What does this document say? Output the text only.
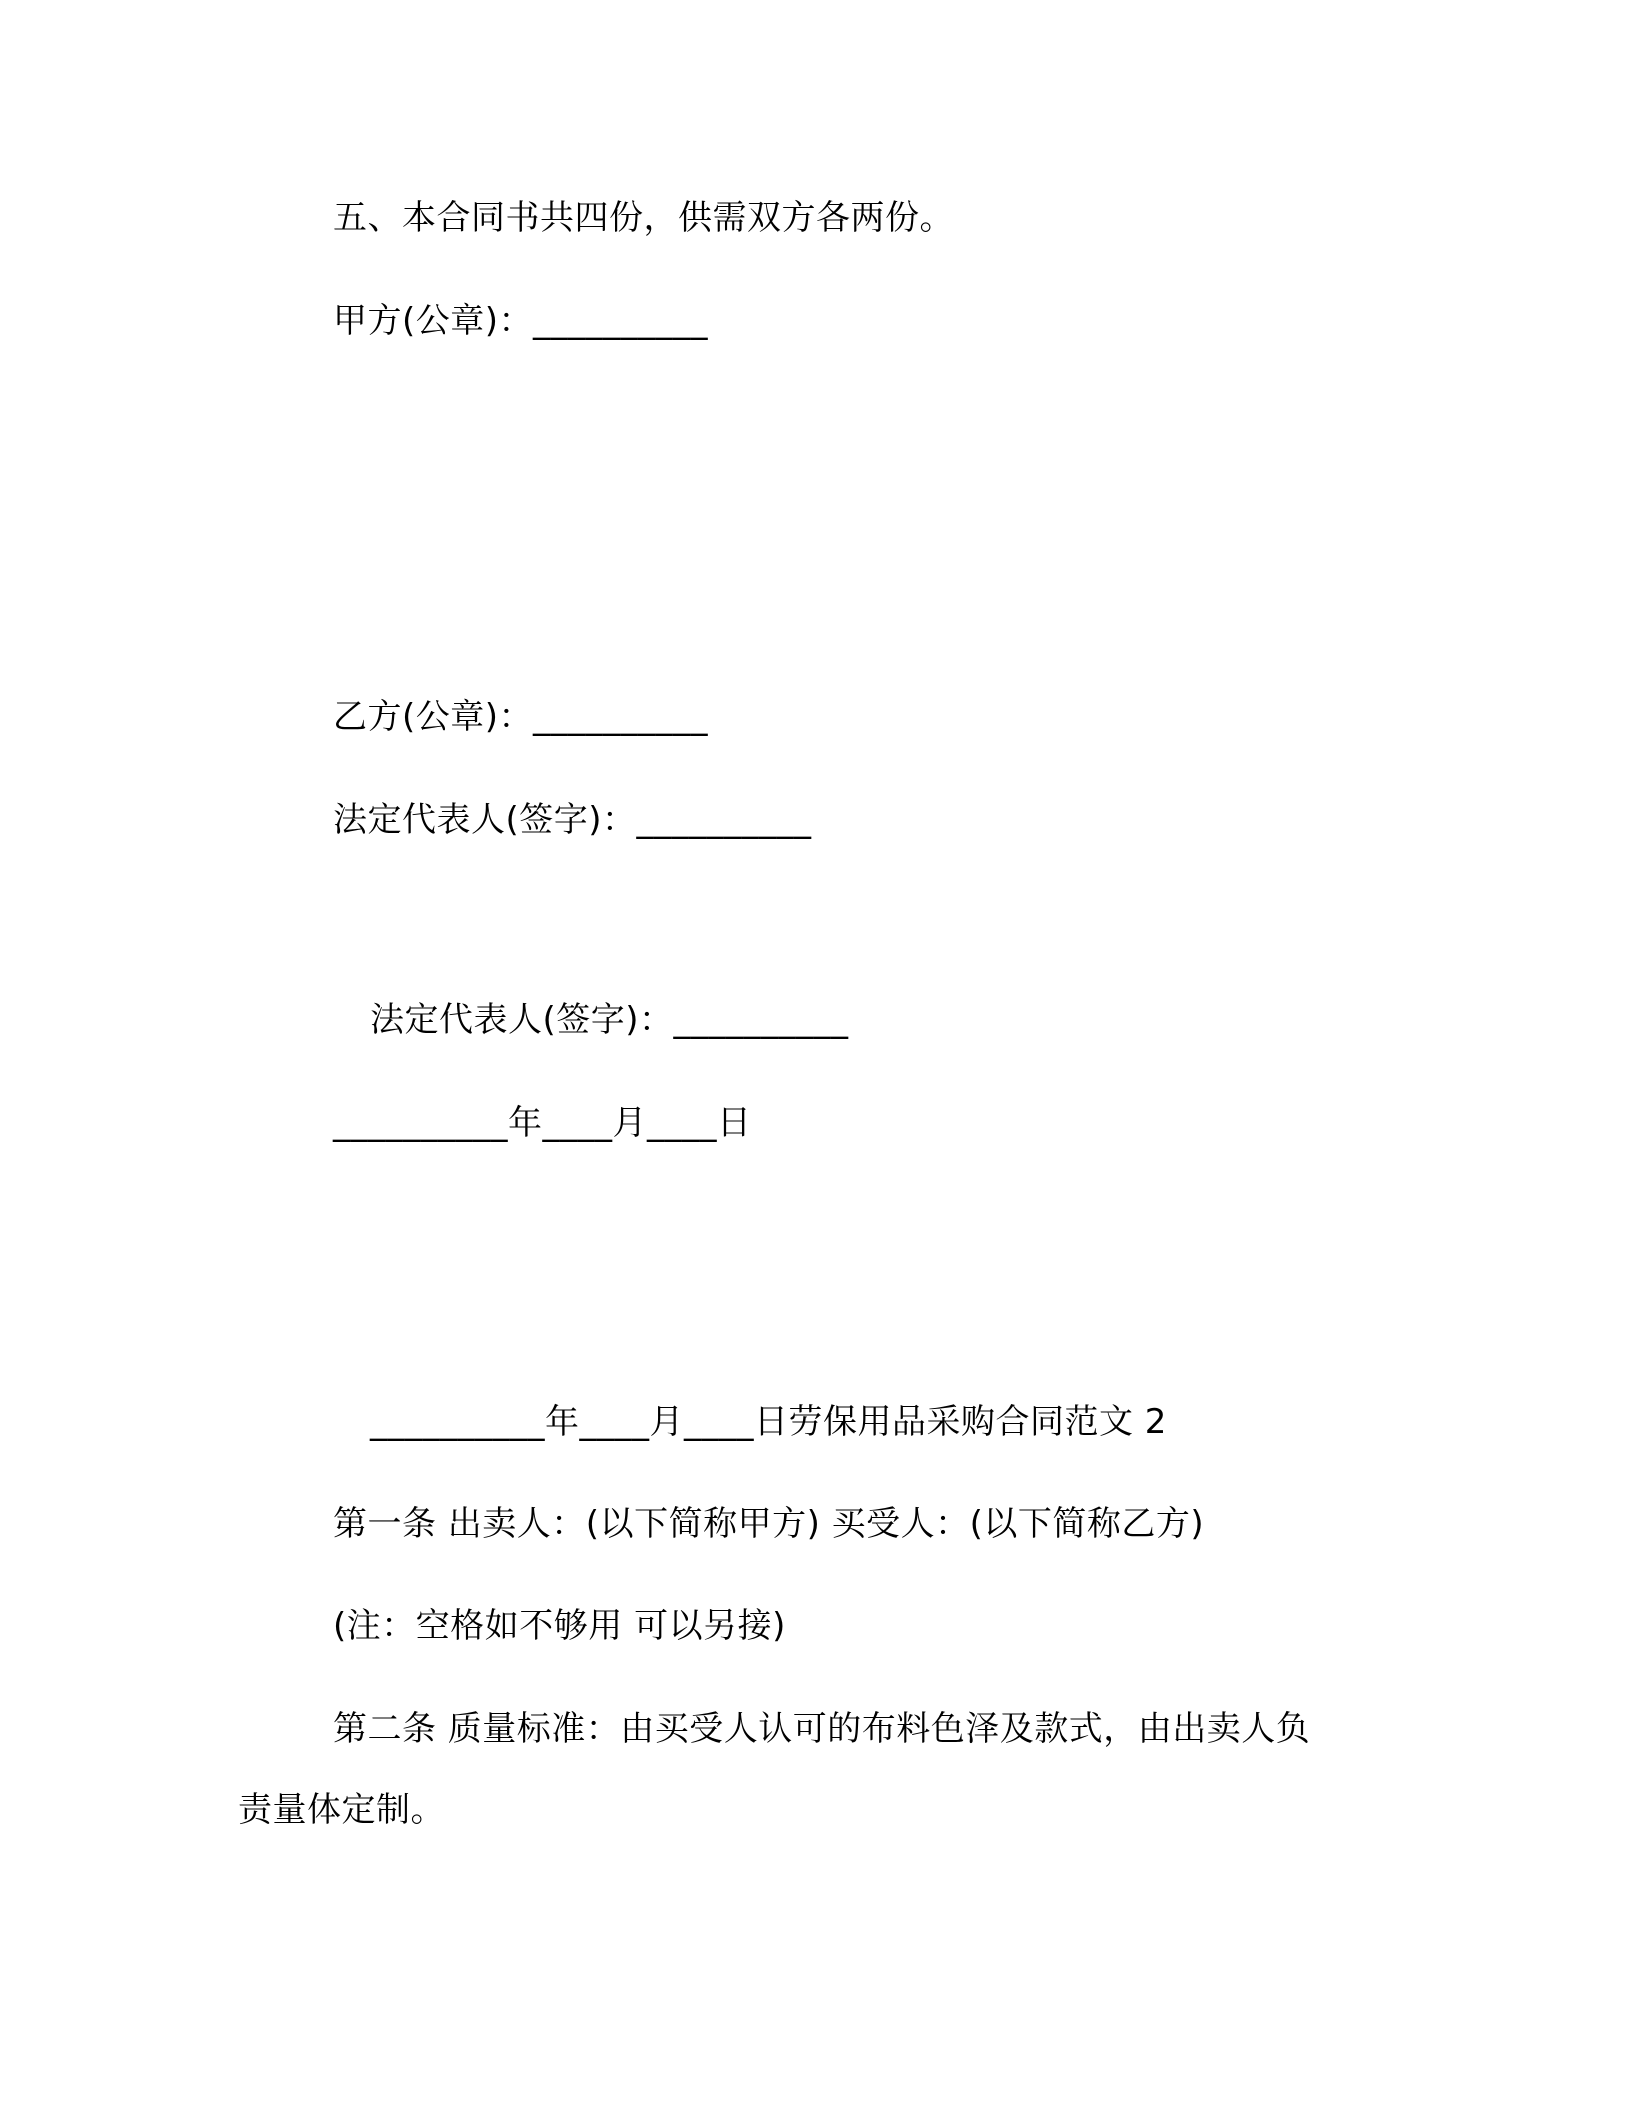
五、本合同书共四份，供需双方各两份。
甲方(公章)：__________
乙方(公章)：__________
法定代表人(签字)：__________
法定代表人(签字)：__________
__________年____月____日
__________年____月____日劳保用品采购合同范文 2
第一条 出卖人：(以下简称甲方) 买受人：(以下简称乙方)
(注：空格如不够用 可以另接)
第二条 质量标准：由买受人认可的布料色泽及款式，由出卖人负
责量体定制。
